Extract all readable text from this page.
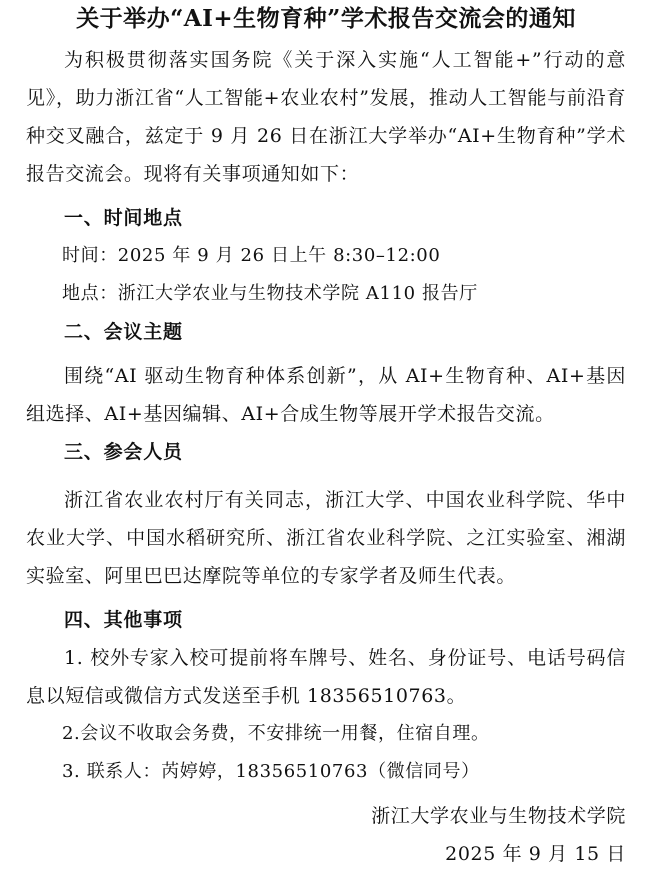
关于举办“AI+生物育种”学术报告交流会的通知

为积极贯彻落实国务院《关于深入实施“人工智能+”行动的意见》，助力浙江省“人工智能+农业农村”发展，推动人工智能与前沿育种交叉融合，兹定于 9 月 26 日在浙江大学举办“AI+生物育种”学术报告交流会。现将有关事项通知如下：

一、时间地点
时间：2025 年 9 月 26 日上午 8:30–12:00
地点：浙江大学农业与生物技术学院 A110 报告厅
二、会议主题

围绕“AI 驱动生物育种体系创新”，从 AI+生物育种、AI+基因组选择、AI+基因编辑、AI+合成生物等展开学术报告交流。

三、参会人员

浙江省农业农村厅有关同志，浙江大学、中国农业科学院、华中农业大学、中国水稻研究所、浙江省农业科学院、之江实验室、湘湖实验室、阿里巴巴达摩院等单位的专家学者及师生代表。

四、其他事项

1. 校外专家入校可提前将车牌号、姓名、身份证号、电话号码信息以短信或微信方式发送至手机 18356510763。

2.会议不收取会务费，不安排统一用餐，住宿自理。
3. 联系人：芮婷婷，18356510763（微信同号）
浙江大学农业与生物技术学院
2025 年 9 月 15 日
